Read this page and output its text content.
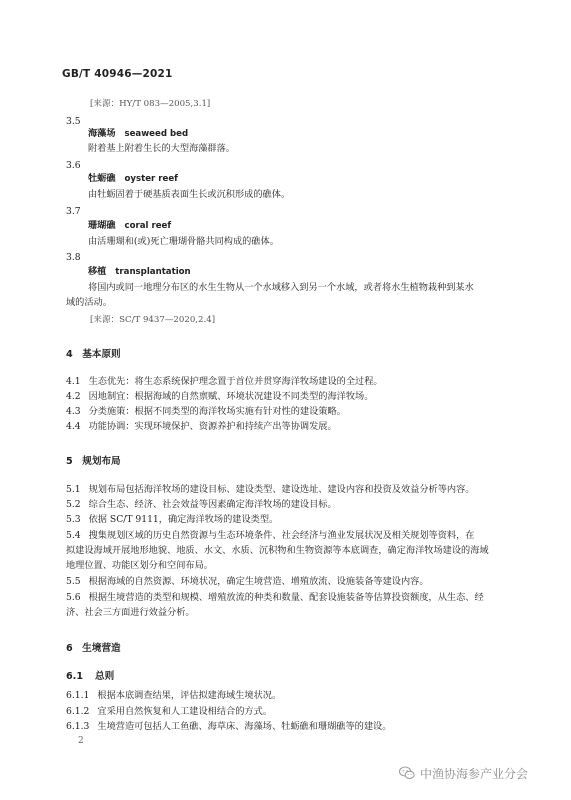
GB/T 40946—2021
[来源：HY/T 083—2005,3.1]
3.5
海藻场 seaweed bed
附着基上附着生长的大型海藻群落。
3.6
牡蛎礁 oyster reef
由牡蛎固着于硬基质表面生长或沉积形成的礁体。
3.7
珊瑚礁 coral reef
由活珊瑚和(或)死亡珊瑚骨骼共同构成的礁体。
3.8
移植 transplantation
将国内或同一地理分布区的水生生物从一个水域移入到另一个水域，或者将水生植物栽种到某水
域的活动。
[来源：SC/T 9437—2020,2.4]
4　基本原则
4.1 生态优先：将生态系统保护理念置于首位并贯穿海洋牧场建设的全过程。
4.2 因地制宜：根据海域的自然禀赋、环境状况建设不同类型的海洋牧场。
4.3 分类施策：根据不同类型的海洋牧场实施有针对性的建设策略。
4.4 功能协调：实现环境保护、资源养护和持续产出等协调发展。
5　规划布局
5.1 规划布局包括海洋牧场的建设目标、建设类型、建设选址、建设内容和投资及效益分析等内容。
5.2 综合生态、经济、社会效益等因素确定海洋牧场的建设目标。
5.3 依据 SC/T 9111，确定海洋牧场的建设类型。
5.4 搜集规划区域的历史自然资源与生态环境条件、社会经济与渔业发展状况及相关规划等资料，在
拟建设海域开展地形地貌、地质、水文、水质、沉积物和生物资源等本底调查，确定海洋牧场建设的海域
地理位置、功能区划分和空间布局。
5.5 根据海域的自然资源、环境状况，确定生境营造、增殖放流、设施装备等建设内容。
5.6 根据生境营造的类型和规模、增殖放流的种类和数量、配套设施装备等估算投资额度，从生态、经
济、社会三方面进行效益分析。
6　生境营造
6.1 总则
6.1.1 根据本底调查结果，评估拟建海域生境状况。
6.1.2 宜采用自然恢复和人工建设相结合的方式。
6.1.3 生境营造可包括人工鱼礁、海草床、海藻场、牡蛎礁和珊瑚礁等的建设。
2
中渔协海参产业分会
